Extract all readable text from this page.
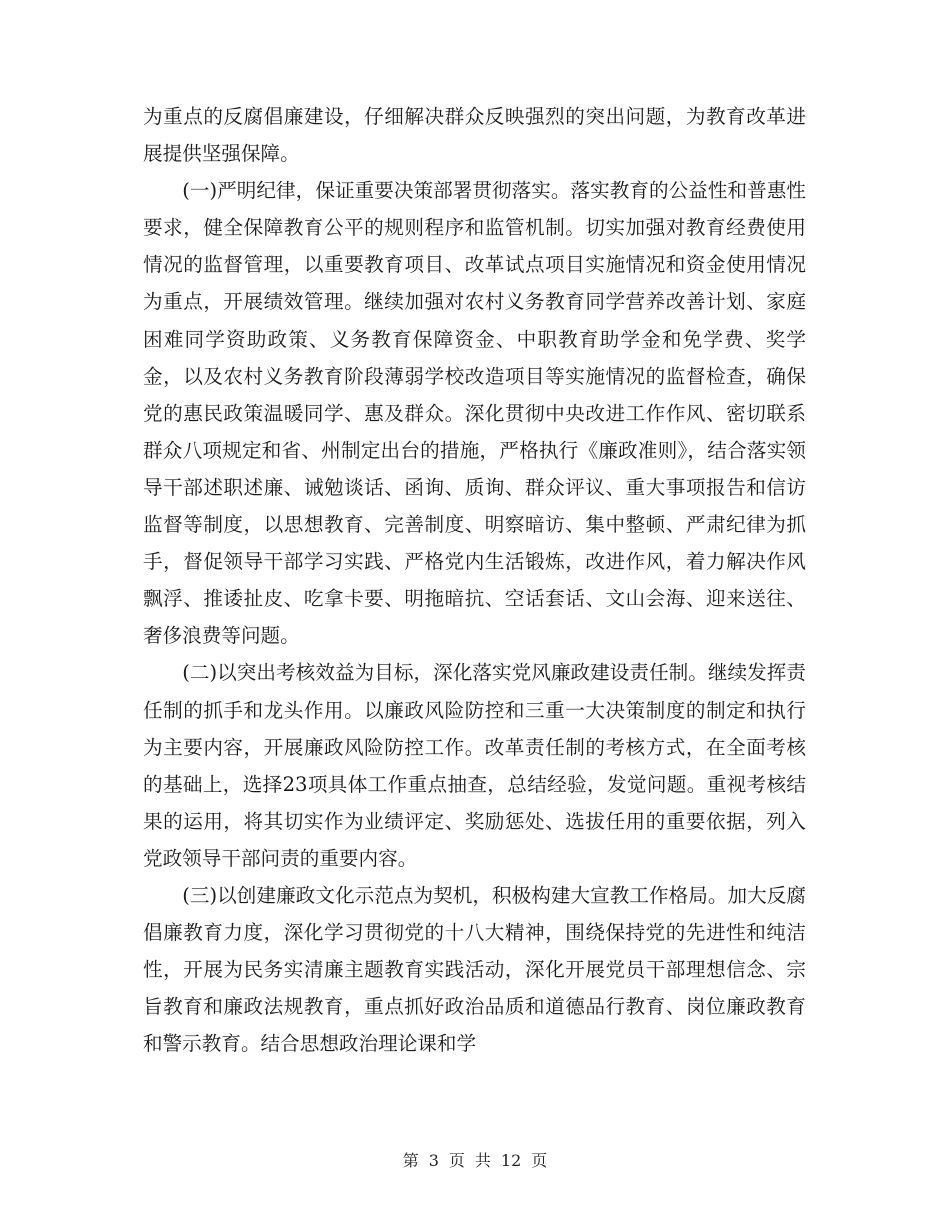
为重点的反腐倡廉建设，仔细解决群众反映强烈的突出问题，为教育改革进展提供坚强保障。

(一)严明纪律，保证重要决策部署贯彻落实。落实教育的公益性和普惠性要求，健全保障教育公平的规则程序和监管机制。切实加强对教育经费使用情况的监督管理，以重要教育项目、改革试点项目实施情况和资金使用情况为重点，开展绩效管理。继续加强对农村义务教育同学营养改善计划、家庭困难同学资助政策、义务教育保障资金、中职教育助学金和免学费、奖学金，以及农村义务教育阶段薄弱学校改造项目等实施情况的监督检查，确保党的惠民政策温暖同学、惠及群众。深化贯彻中央改进工作作风、密切联系群众八项规定和省、州制定出台的措施，严格执行《廉政准则》，结合落实领导干部述职述廉、诫勉谈话、函询、质询、群众评议、重大事项报告和信访监督等制度，以思想教育、完善制度、明察暗访、集中整顿、严肃纪律为抓手，督促领导干部学习实践、严格党内生活锻炼，改进作风，着力解决作风飘浮、推诿扯皮、吃拿卡要、明拖暗抗、空话套话、文山会海、迎来送往、奢侈浪费等问题。

(二)以突出考核效益为目标，深化落实党风廉政建设责任制。继续发挥责任制的抓手和龙头作用。以廉政风险防控和三重一大决策制度的制定和执行为主要内容，开展廉政风险防控工作。改革责任制的考核方式，在全面考核的基础上，选择23项具体工作重点抽查，总结经验，发觉问题。重视考核结果的运用，将其切实作为业绩评定、奖励惩处、选拔任用的重要依据，列入党政领导干部问责的重要内容。

(三)以创建廉政文化示范点为契机，积极构建大宣教工作格局。加大反腐倡廉教育力度，深化学习贯彻党的十八大精神，围绕保持党的先进性和纯洁性，开展为民务实清廉主题教育实践活动，深化开展党员干部理想信念、宗旨教育和廉政法规教育，重点抓好政治品质和道德品行教育、岗位廉政教育和警示教育。结合思想政治理论课和学

第 3 页 共 12 页
